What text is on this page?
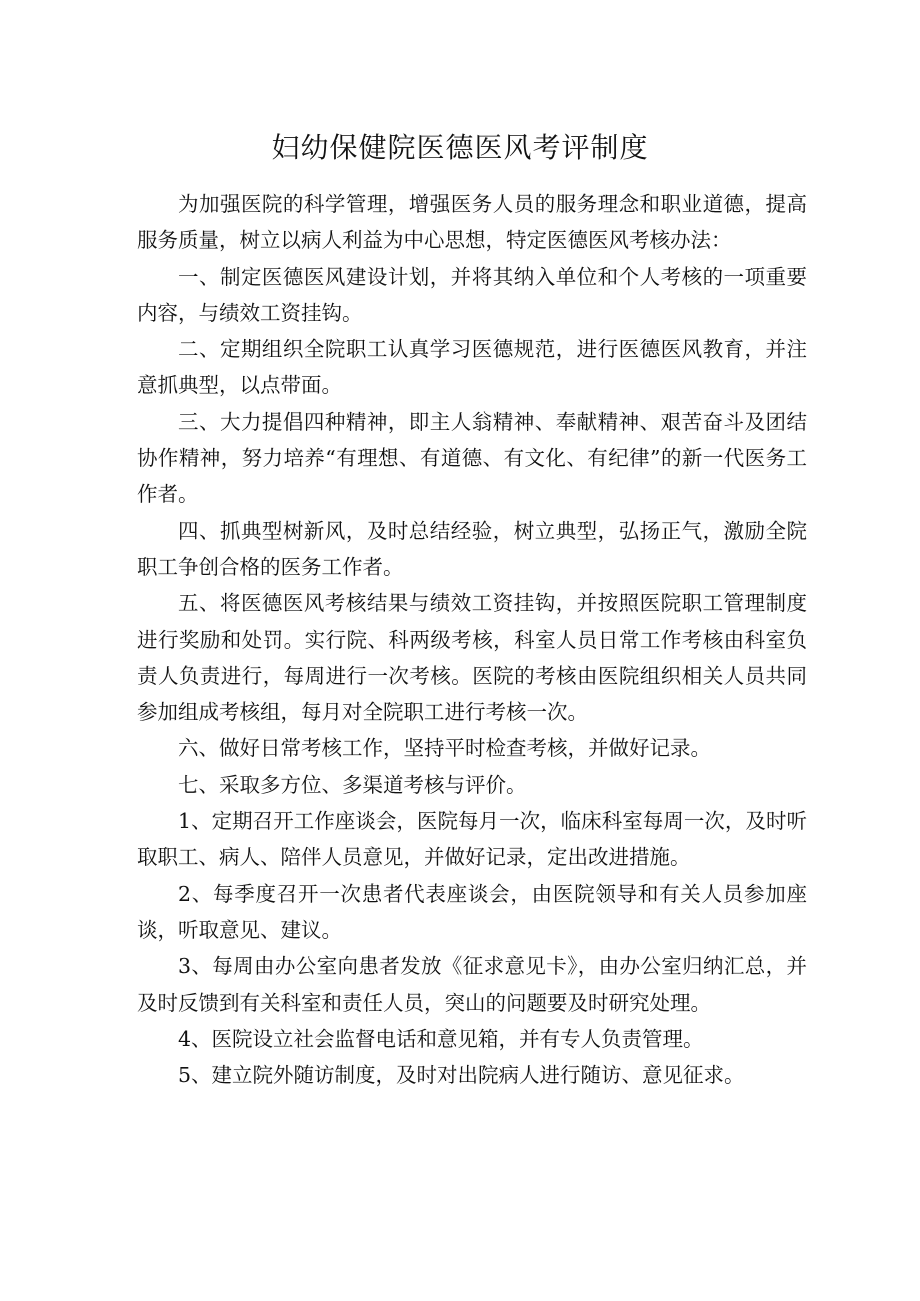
妇幼保健院医德医风考评制度

为加强医院的科学管理，增强医务人员的服务理念和职业道德，提高服务质量，树立以病人利益为中心思想，特定医德医风考核办法：

一、制定医德医风建设计划，并将其纳入单位和个人考核的一项重要内容，与绩效工资挂钩。

二、定期组织全院职工认真学习医德规范，进行医德医风教育，并注意抓典型，以点带面。

三、大力提倡四种精神，即主人翁精神、奉献精神、艰苦奋斗及团结协作精神，努力培养“有理想、有道德、有文化、有纪律”的新一代医务工作者。

四、抓典型树新风，及时总结经验，树立典型，弘扬正气，激励全院职工争创合格的医务工作者。

五、将医德医风考核结果与绩效工资挂钩，并按照医院职工管理制度进行奖励和处罚。实行院、科两级考核，科室人员日常工作考核由科室负责人负责进行，每周进行一次考核。医院的考核由医院组织相关人员共同参加组成考核组，每月对全院职工进行考核一次。

六、做好日常考核工作，坚持平时检查考核，并做好记录。

七、采取多方位、多渠道考核与评价。

1、定期召开工作座谈会，医院每月一次，临床科室每周一次，及时听取职工、病人、陪伴人员意见，并做好记录，定出改进措施。

2、每季度召开一次患者代表座谈会，由医院领导和有关人员参加座谈，听取意见、建议。

3、每周由办公室向患者发放《征求意见卡》，由办公室归纳汇总，并及时反馈到有关科室和责任人员，突山的问题要及时研究处理。

4、医院设立社会监督电话和意见箱，并有专人负责管理。

5、建立院外随访制度，及时对出院病人进行随访、意见征求。
